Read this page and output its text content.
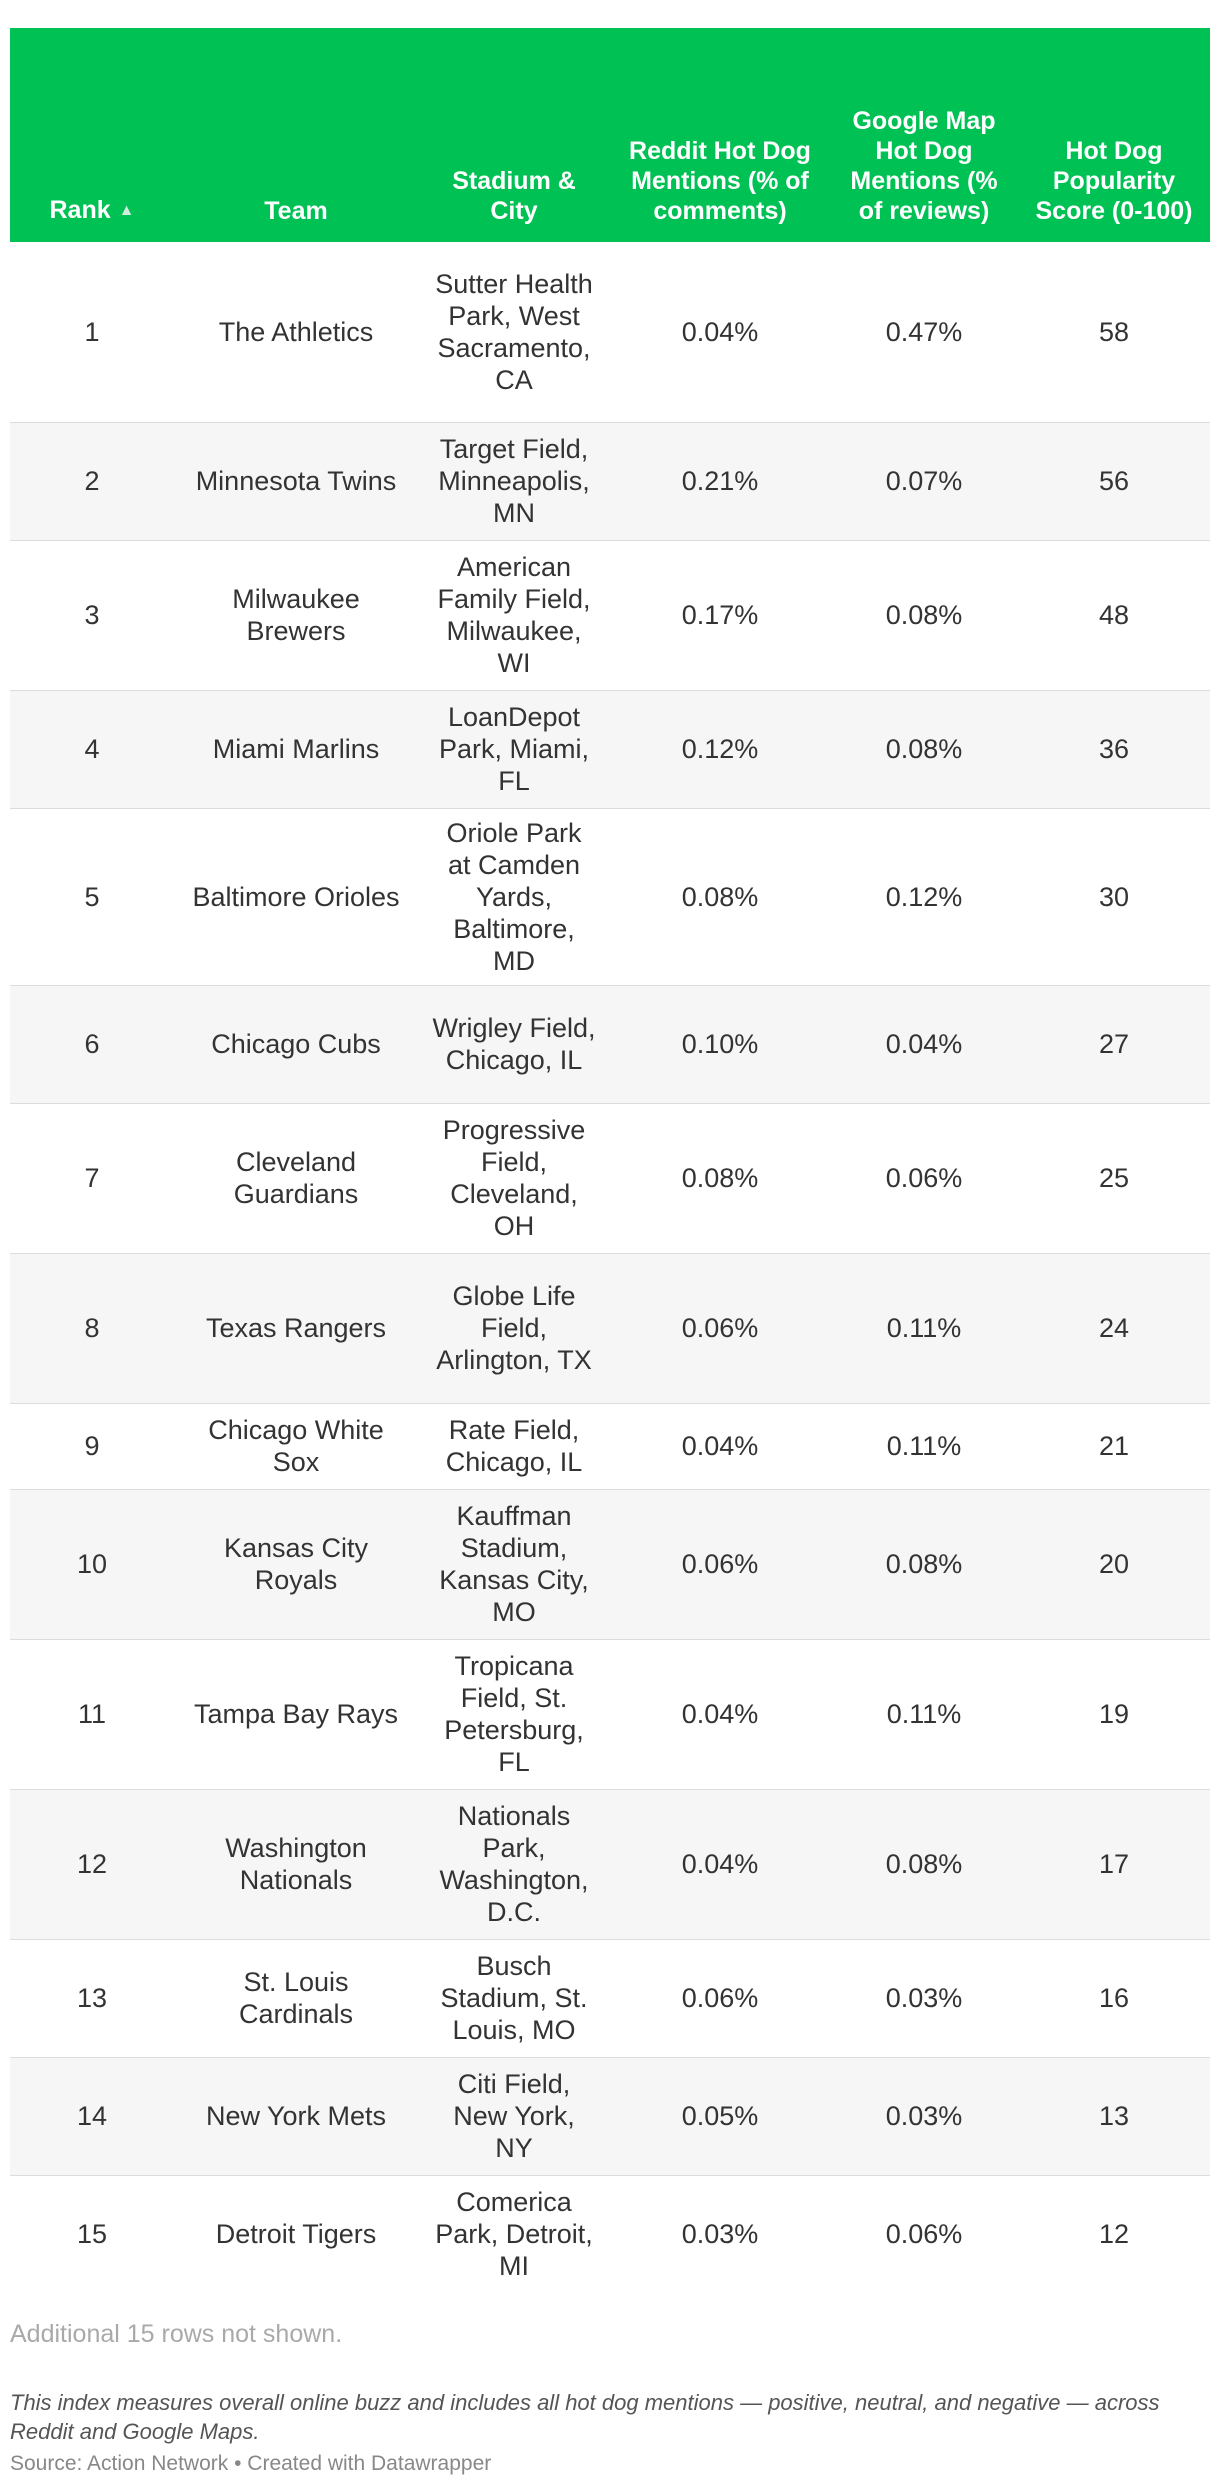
Rank ▲	Team	Stadium & City	Reddit Hot Dog Mentions (% of comments)	Google Map Hot Dog Mentions (% of reviews)	Hot Dog Popularity Score (0-100)
1	The Athletics	Sutter Health Park, West Sacramento, CA	0.04%	0.47%	58
2	Minnesota Twins	Target Field, Minneapolis, MN	0.21%	0.07%	56
3	Milwaukee Brewers	American Family Field, Milwaukee, WI	0.17%	0.08%	48
4	Miami Marlins	LoanDepot Park, Miami, FL	0.12%	0.08%	36
5	Baltimore Orioles	Oriole Park at Camden Yards, Baltimore, MD	0.08%	0.12%	30
6	Chicago Cubs	Wrigley Field, Chicago, IL	0.10%	0.04%	27
7	Cleveland Guardians	Progressive Field, Cleveland, OH	0.08%	0.06%	25
8	Texas Rangers	Globe Life Field, Arlington, TX	0.06%	0.11%	24
9	Chicago White Sox	Rate Field, Chicago, IL	0.04%	0.11%	21
10	Kansas City Royals	Kauffman Stadium, Kansas City, MO	0.06%	0.08%	20
11	Tampa Bay Rays	Tropicana Field, St. Petersburg, FL	0.04%	0.11%	19
12	Washington Nationals	Nationals Park, Washington, D.C.	0.04%	0.08%	17
13	St. Louis Cardinals	Busch Stadium, St. Louis, MO	0.06%	0.03%	16
14	New York Mets	Citi Field, New York, NY	0.05%	0.03%	13
15	Detroit Tigers	Comerica Park, Detroit, MI	0.03%	0.06%	12
Additional 15 rows not shown.
This index measures overall online buzz and includes all hot dog mentions — positive, neutral, and negative — across Reddit and Google Maps.
Source: Action Network • Created with Datawrapper
